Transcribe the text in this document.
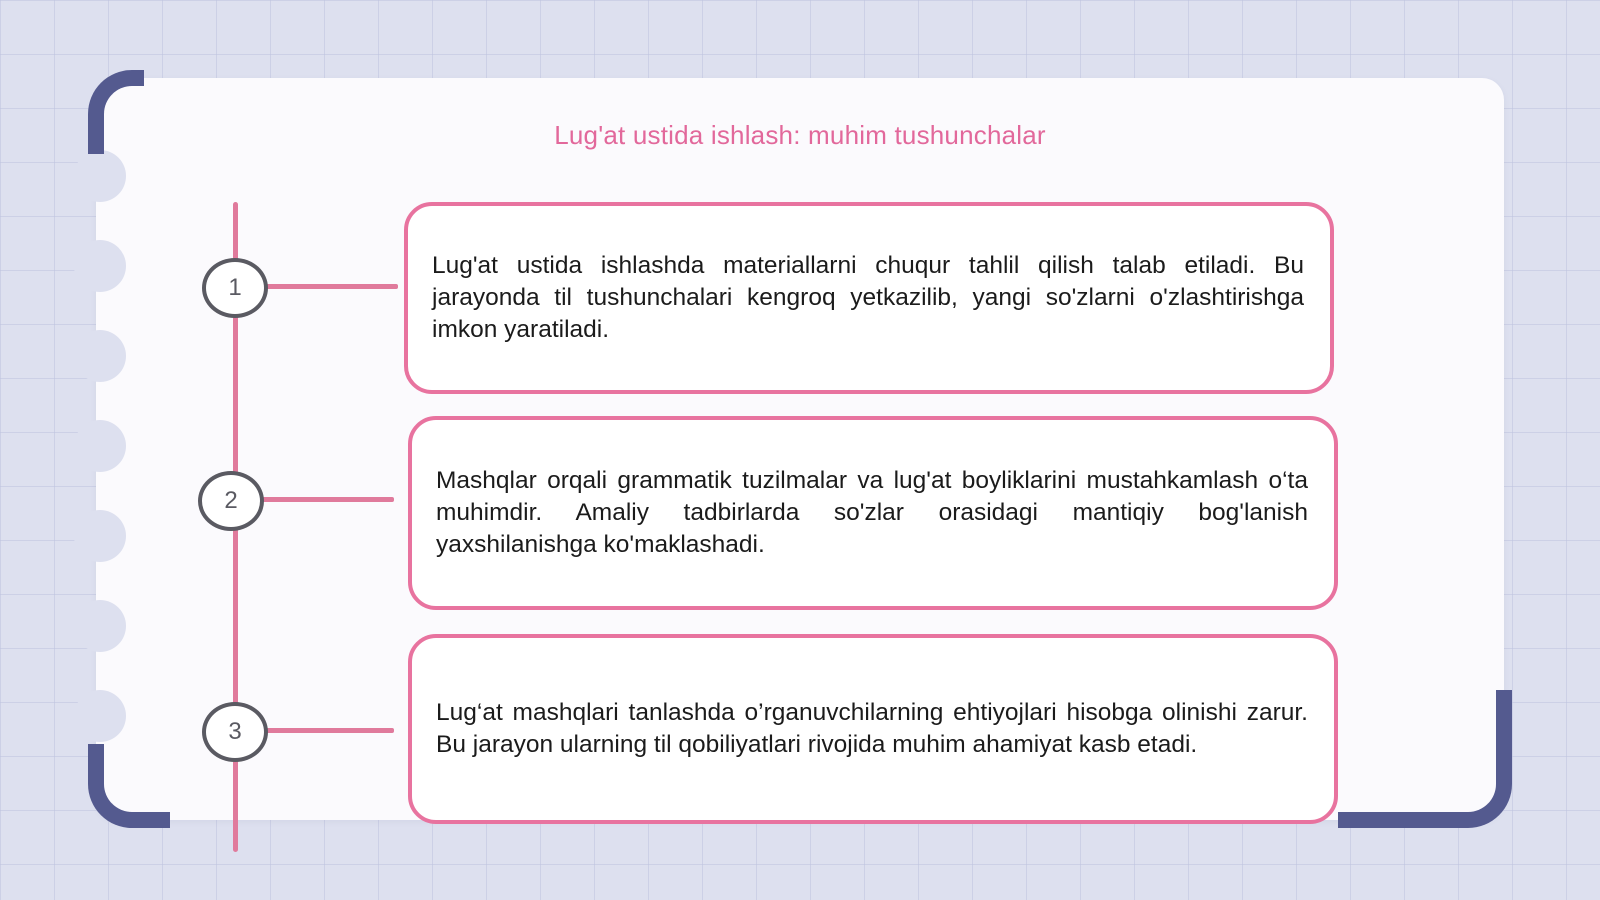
Lug'at ustida ishlash: muhim tushunchalar
1

Lug'at ustida ishlashda materiallarni chuqur tahlil qilish talab etiladi. Bu jarayonda til tushunchalari kengroq yetkazilib, yangi so'zlarni o'zlashtirishga imkon yaratiladi.

2

Mashqlar orqali grammatik tuzilmalar va lug'at boyliklarini mustahkamlash o‘ta muhimdir. Amaliy tadbirlarda so'zlar orasidagi mantiqiy bog'lanish yaxshilanishga ko'maklashadi.

3

Lug‘at mashqlari tanlashda o’rganuvchilarning ehtiyojlari hisobga olinishi zarur. Bu jarayon ularning til qobiliyatlari rivojida muhim ahamiyat kasb etadi.
